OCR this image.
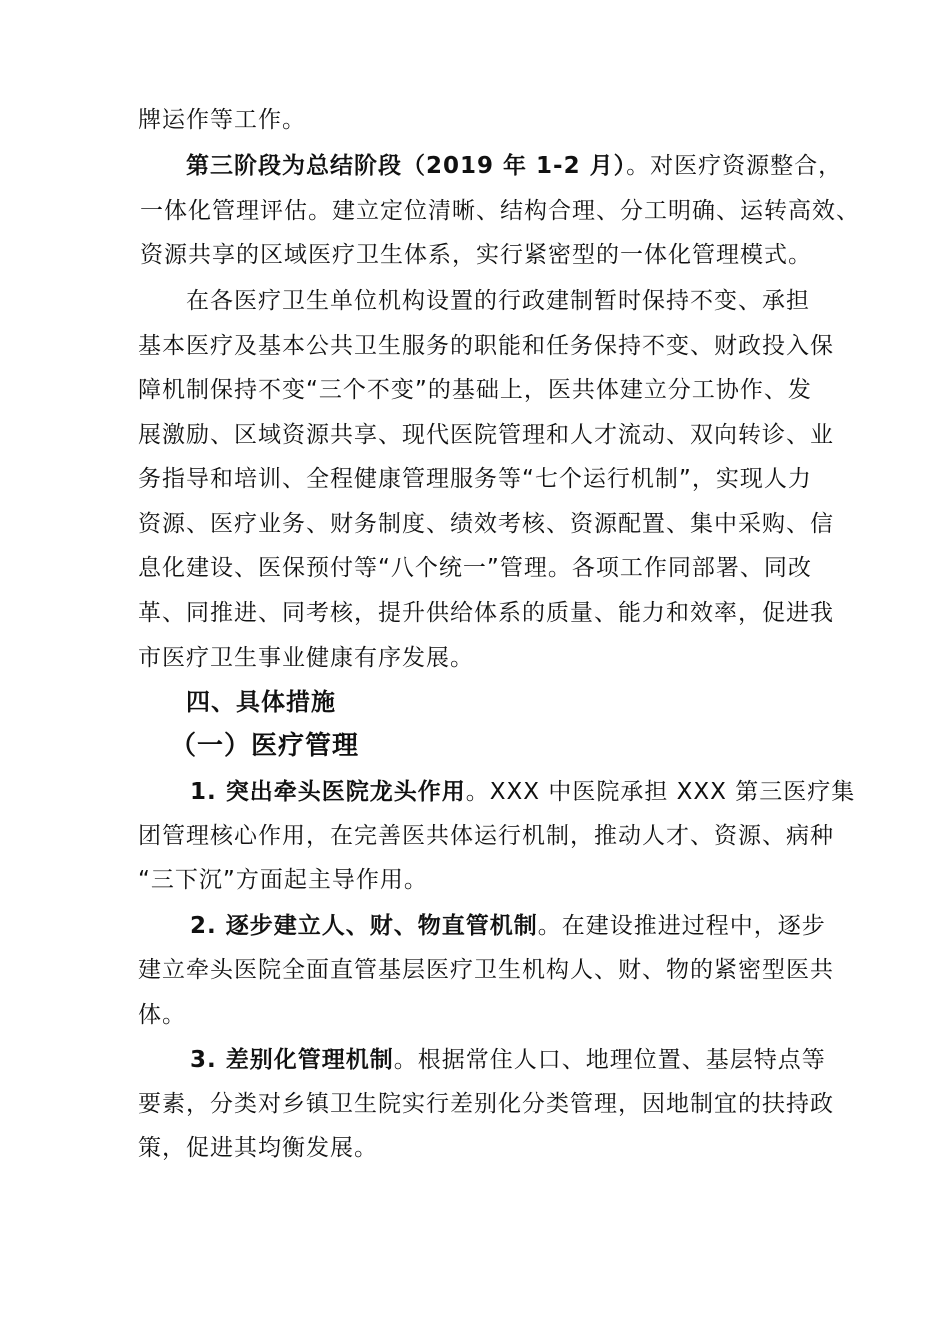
牌运作等工作。
第三阶段为总结阶段（2019 年 1-2 月）。对医疗资源整合，
一体化管理评估。建立定位清晰、结构合理、分工明确、运转高效、
资源共享的区域医疗卫生体系，实行紧密型的一体化管理模式。
在各医疗卫生单位机构设置的行政建制暂时保持不变、承担
基本医疗及基本公共卫生服务的职能和任务保持不变、财政投入保
障机制保持不变“三个不变”的基础上，医共体建立分工协作、发
展激励、区域资源共享、现代医院管理和人才流动、双向转诊、业
务指导和培训、全程健康管理服务等“七个运行机制”，实现人力
资源、医疗业务、财务制度、绩效考核、资源配置、集中采购、信
息化建设、医保预付等“八个统一”管理。各项工作同部署、同改
革、同推进、同考核，提升供给体系的质量、能力和效率，促进我
市医疗卫生事业健康有序发展。
四、具体措施
（一）医疗管理
1. 突出牵头医院龙头作用。XXX 中医院承担 XXX 第三医疗集
团管理核心作用，在完善医共体运行机制，推动人才、资源、病种
“三下沉”方面起主导作用。
2. 逐步建立人、财、物直管机制。在建设推进过程中，逐步
建立牵头医院全面直管基层医疗卫生机构人、财、物的紧密型医共
体。
3. 差别化管理机制。根据常住人口、地理位置、基层特点等
要素，分类对乡镇卫生院实行差别化分类管理，因地制宜的扶持政
策，促进其均衡发展。
